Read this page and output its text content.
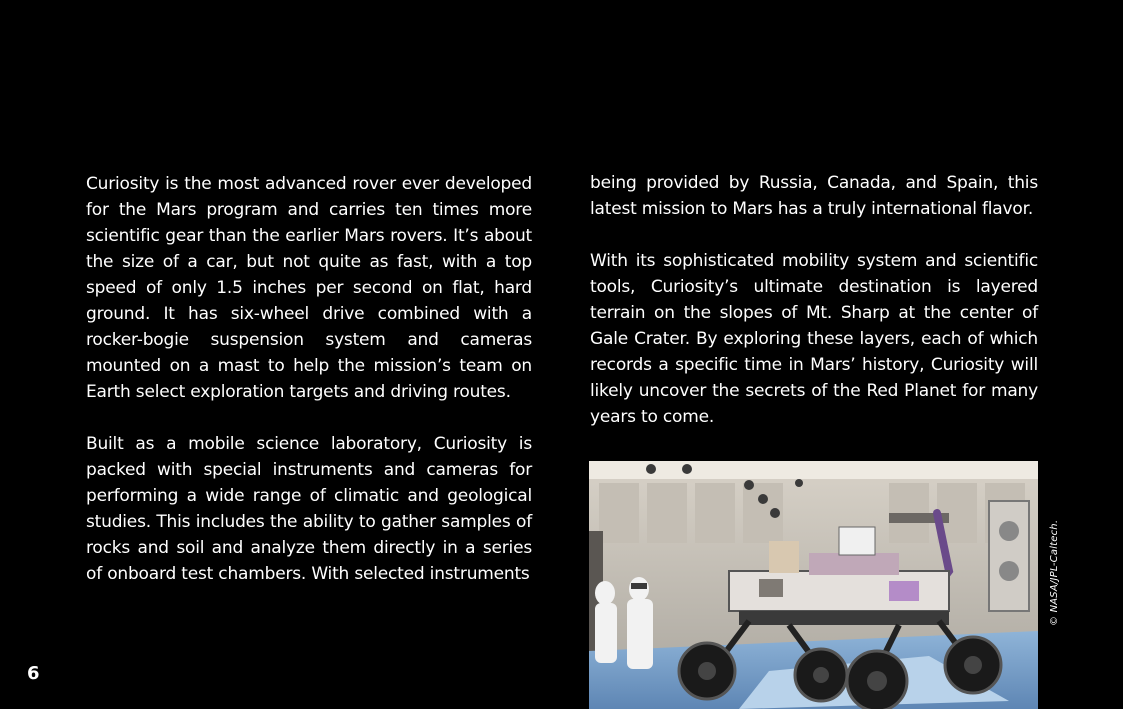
Curiosity is the most advanced rover ever developed for the Mars program and carries ten times more scientific gear than the earlier Mars rovers. It’s about the size of a car, but not quite as fast, with a top speed of only 1.5 inches per second on flat, hard ground. It has six-wheel drive combined with a rocker-bogie suspension system and cameras mounted on a mast to help the mission’s team on Earth select exploration targets and driving routes.

Built as a mobile science laboratory, Curiosity is packed with special instruments and cameras for performing a wide range of climatic and geological studies. This includes the ability to gather samples of rocks and soil and analyze them directly in a series of onboard test chambers. With selected instruments

being provided by Russia, Canada, and Spain, this latest mission to Mars has a truly international flavor.

With its sophisticated mobility system and scientific tools, Curiosity’s ultimate destination is layered terrain on the slopes of Mt. Sharp at the center of Gale Crater. By exploring these layers, each of which records a specific time in Mars’ history, Curiosity will likely uncover the secrets of the Red Planet for many years to come.

© NASA/JPL-Caltech.
6
